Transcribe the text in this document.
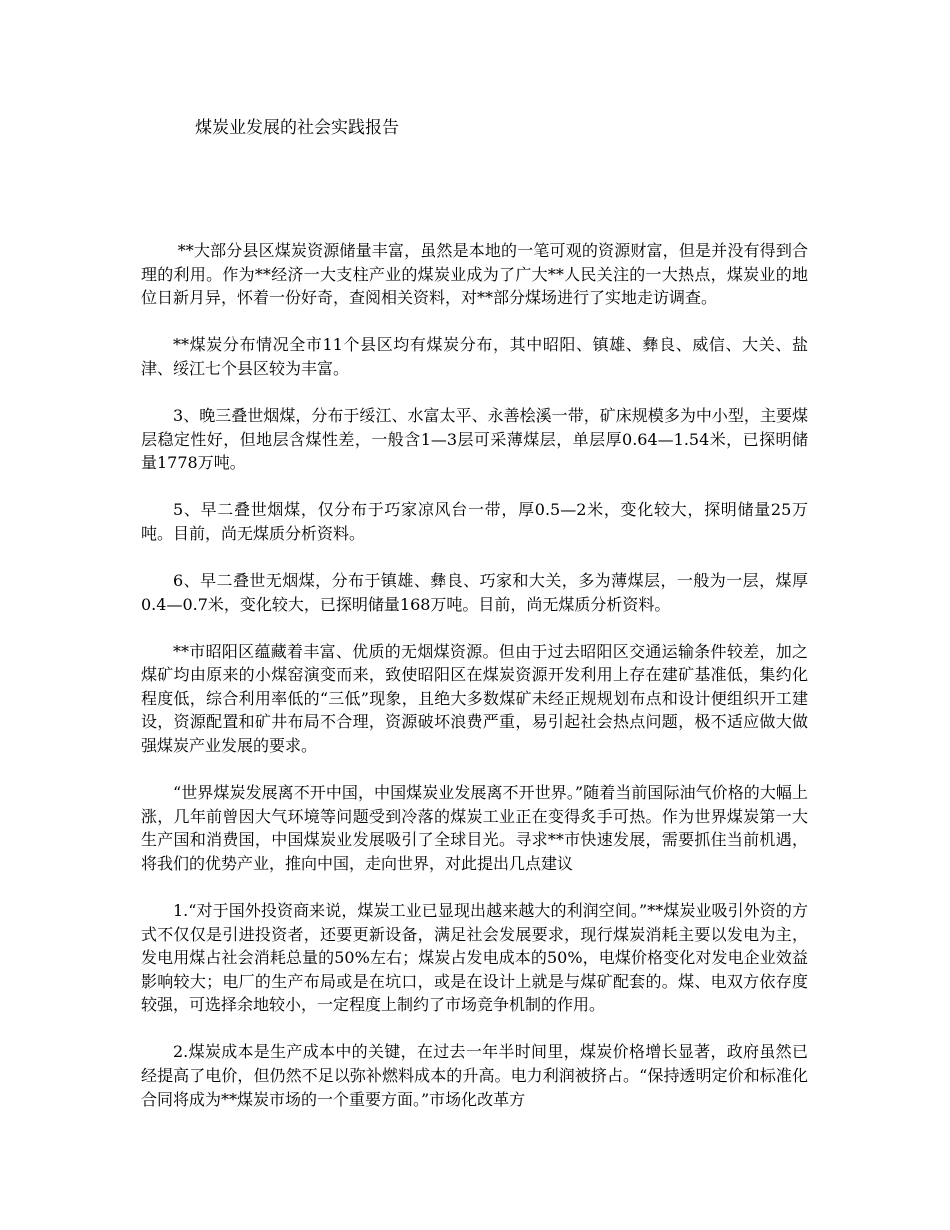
煤炭业发展的社会实践报告

**大部分县区煤炭资源储量丰富，虽然是本地的一笔可观的资源财富，但是并没有得到合理的利用。作为**经济一大支柱产业的煤炭业成为了广大**人民关注的一大热点，煤炭业的地位日新月异，怀着一份好奇，查阅相关资料，对**部分煤场进行了实地走访调查。

**煤炭分布情况全市11个县区均有煤炭分布，其中昭阳、镇雄、彝良、威信、大关、盐津、绥江七个县区较为丰富。

3、晚三叠世烟煤，分布于绥江、水富太平、永善桧溪一带，矿床规模多为中小型，主要煤层稳定性好，但地层含煤性差，一般含1—3层可采薄煤层，单层厚0.64—1.54米，已探明储量1778万吨。

5、早二叠世烟煤，仅分布于巧家凉风台一带，厚0.5—2米，变化较大，探明储量25万吨。目前，尚无煤质分析资料。

6、早二叠世无烟煤，分布于镇雄、彝良、巧家和大关，多为薄煤层，一般为一层，煤厚0.4—0.7米，变化较大，已探明储量168万吨。目前，尚无煤质分析资料。

**市昭阳区蕴藏着丰富、优质的无烟煤资源。但由于过去昭阳区交通运输条件较差，加之煤矿均由原来的小煤窑演变而来，致使昭阳区在煤炭资源开发利用上存在建矿基准低，集约化程度低，综合利用率低的“三低”现象，且绝大多数煤矿未经正规规划布点和设计便组织开工建设，资源配置和矿井布局不合理，资源破坏浪费严重，易引起社会热点问题，极不适应做大做强煤炭产业发展的要求。

“世界煤炭发展离不开中国，中国煤炭业发展离不开世界。”随着当前国际油气价格的大幅上涨，几年前曾因大气环境等问题受到冷落的煤炭工业正在变得炙手可热。作为世界煤炭第一大生产国和消费国，中国煤炭业发展吸引了全球目光。寻求**市快速发展，需要抓住当前机遇，将我们的优势产业，推向中国，走向世界，对此提出几点建议

1.“对于国外投资商来说，煤炭工业已显现出越来越大的利润空间。”**煤炭业吸引外资的方式不仅仅是引进投资者，还要更新设备，满足社会发展要求，现行煤炭消耗主要以发电为主，发电用煤占社会消耗总量的50%左右；煤炭占发电成本的50%，电煤价格变化对发电企业效益影响较大；电厂的生产布局或是在坑口，或是在设计上就是与煤矿配套的。煤、电双方依存度较强，可选择余地较小，一定程度上制约了市场竞争机制的作用。

2.煤炭成本是生产成本中的关键，在过去一年半时间里，煤炭价格增长显著，政府虽然已经提高了电价，但仍然不足以弥补燃料成本的升高。电力利润被挤占。“保持透明定价和标准化合同将成为**煤炭市场的一个重要方面。”市场化改革方
